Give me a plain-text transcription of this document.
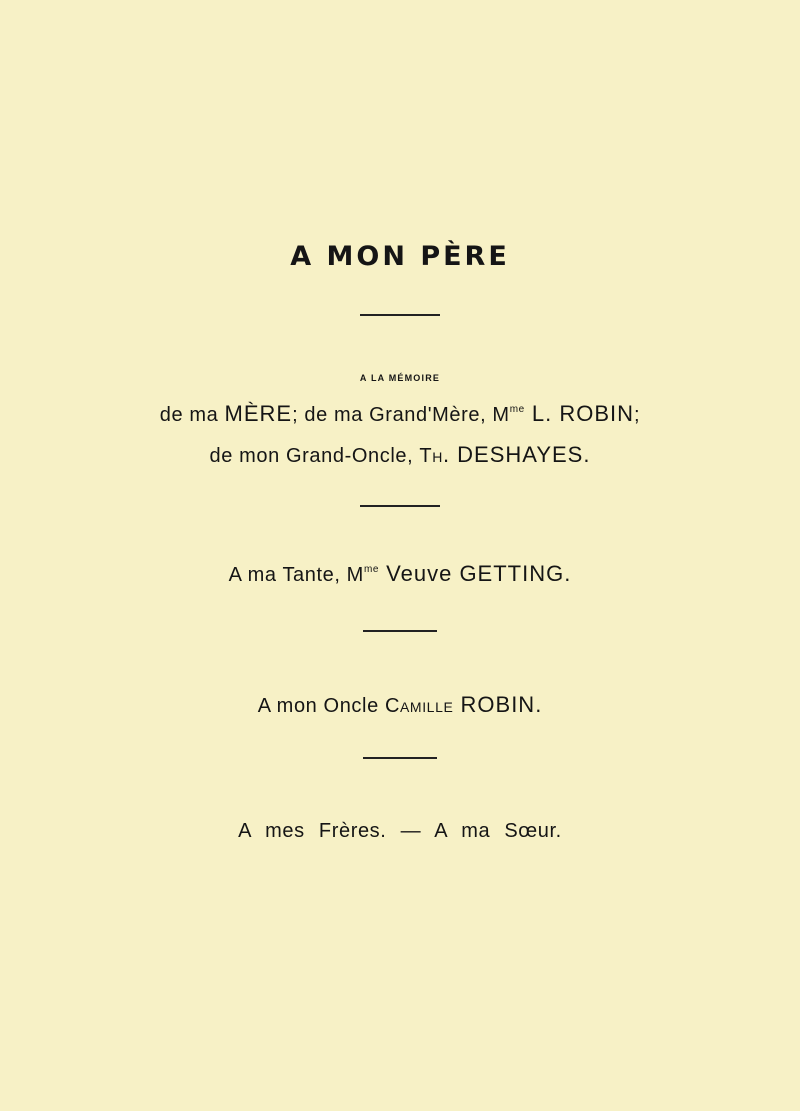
A MON PÈRE
A LA MÉMOIRE
de ma MÈRE; de ma Grand'Mère, $M^{me}$ L. ROBIN;
de mon Grand-Oncle, Th. DESHAYES.
A ma Tante, $M^{me}$ Veuve GETTING.
A mon Oncle Camille ROBIN.
A mes Frères. — A ma Sœur.
